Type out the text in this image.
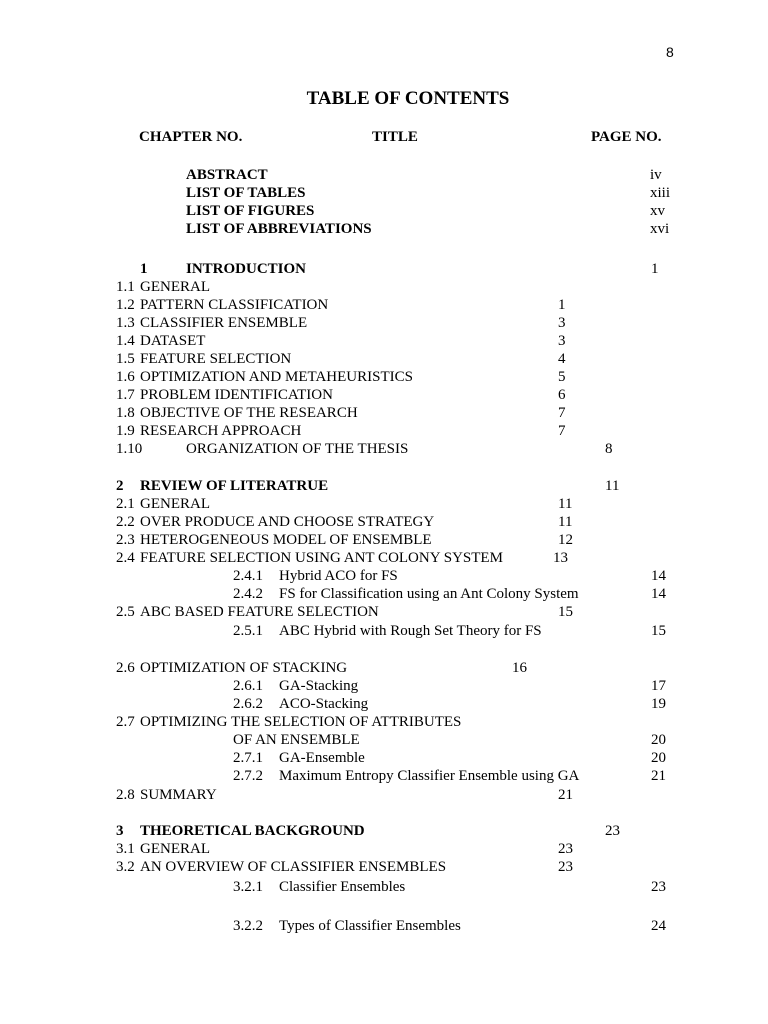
8
TABLE OF CONTENTS
CHAPTER NO.	TITLE	PAGE NO.
ABSTRACT	iv
LIST OF TABLES	xiii
LIST OF FIGURES	xv
LIST OF ABBREVIATIONS	xvi
1	INTRODUCTION	1
1.1 GENERAL
1.2 PATTERN CLASSIFICATION	1
1.3 CLASSIFIER ENSEMBLE	3
1.4 DATASET	3
1.5 FEATURE SELECTION	4
1.6 OPTIMIZATION AND METAHEURISTICS	5
1.7 PROBLEM IDENTIFICATION	6
1.8 OBJECTIVE OF THE RESEARCH	7
1.9 RESEARCH APPROACH	7
1.10	ORGANIZATION OF THE THESIS	8
2 REVIEW OF LITERATRUE	11
2.1 GENERAL	11
2.2 OVER PRODUCE AND CHOOSE STRATEGY	11
2.3 HETEROGENEOUS MODEL OF ENSEMBLE	12
2.4 FEATURE SELECTION USING ANT COLONY SYSTEM	13
2.4.1 Hybrid ACO for FS	14
2.4.2 FS for Classification using an Ant Colony System	14
2.5 ABC BASED FEATURE SELECTION	15
2.5.1 ABC Hybrid with Rough Set Theory for FS	15
2.6 OPTIMIZATION OF STACKING	16
2.6.1 GA-Stacking	17
2.6.2 ACO-Stacking	19
2.7 OPTIMIZING THE SELECTION OF ATTRIBUTES
OF AN ENSEMBLE	20
2.7.1 GA-Ensemble	20
2.7.2 Maximum Entropy Classifier Ensemble using GA	21
2.8 SUMMARY	21
3 THEORETICAL BACKGROUND	23
3.1 GENERAL	23
3.2 AN OVERVIEW OF CLASSIFIER ENSEMBLES	23
3.2.1 Classifier Ensembles	23
3.2.2 Types of Classifier Ensembles	24
